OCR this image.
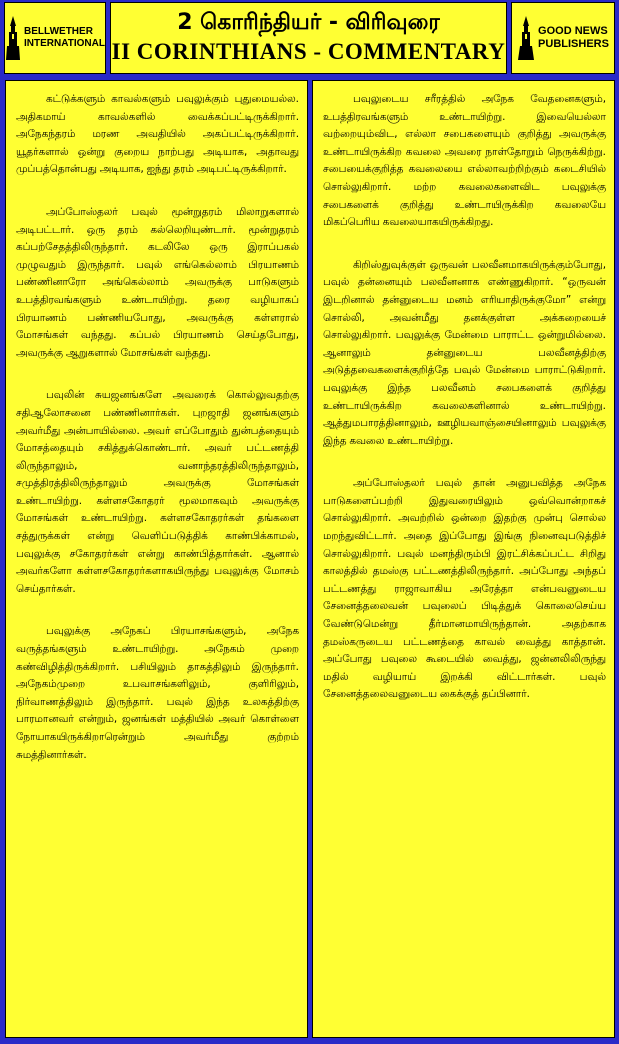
BELLWETHER
INTERNATIONAL
2 கொரிந்தியர் - விரிவுரை
II CORINTHIANS - COMMENTARY
GOOD NEWS
PUBLISHERS

கட்டுக்களும் காவல்களும் பவுலுக்கும் புதுமையல்ல. அதிகமாய் காவல்களில் வைக்கப்பட்டிருக்கிறார். அநேகந்தரம் மரண அவதியில் அகப்பட்டிருக்கிறார். யூதர்களால் ஒன்று குறைய நாற்பது அடியாக, அதாவது முப்பத்தொன்பது அடியாக, ஐந்து தரம் அடிபட்டிருக்கிறார்.

அப்போஸ்தலர் பவுல் மூன்றுதரம் மிலாறுகளால் அடிபட்டார். ஒரு தரம் கல்லெறியுண்டார். மூன்றுதரம் கப்பற்சேதத்திலிருந்தார். கடலிலே ஒரு இராப்பகல் முழுவதும் இருந்தார். பவுல் எங்கெல்லாம் பிரயாணம் பண்ணினாரோ அங்கெல்லாம் அவருக்கு பாடுகளும் உபத்திரவங்களும் உண்டாயிற்று. தரை வழியாகப் பிரயாணம் பண்ணியபோது, அவருக்கு கள்ளரால் மோசங்கள் வந்தது. கப்பல் பிரயாணம் செய்தபோது, அவருக்கு ஆறுகளால் மோசங்கள் வந்தது.

பவுலின் சுயஜனங்களே அவரைக் கொல்லுவதற்கு சதிஆலோசனை பண்ணினார்கள். புறஜாதி ஜனங்களும் அவர்மீது அன்பாயில்லை. அவர் எப்போதும் துன்பத்தையும் மோசத்தையும் சகித்துக்கொண்டார். அவர் பட்டணத்தி லிருந்தாலும், வனாந்தரத்திலிருந்தாலும், சமுத்திரத்திலிருந்தாலும் அவருக்கு மோசங்கள் உண்டாயிற்று. கள்ளசகோதரர் மூலமாகவும் அவருக்கு மோசங்கள் உண்டாயிற்று. கள்ளசகோதரர்கள் தங்களை சத்துருக்கள் என்று வெளிப்படுத்திக் காண்பிக்காமல், பவுலுக்கு சகோதரர்கள் என்று காண்பித்தார்கள். ஆனால் அவர்களோ கள்ளசகோதரர்களாகயிருந்து பவுலுக்கு மோசம் செய்தார்கள்.

பவுலுக்கு அநேகப் பிரயாசங்களும், அநேக வருத்தங்களும் உண்டாயிற்று. அநேகம் முறை கண்விழித்திருக்கிறார். பசியிலும் தாகத்திலும் இருந்தார். அநேகம்முறை உபவாசங்களிலும், குளிரிலும், நிர்வாணத்திலும் இருந்தார். பவுல் இந்த உலகத்திற்கு பாரமானவர் என்றும், ஜனங்கள் மத்தியில் அவர் கொள்ளை நோயாகயிருக்கிறாரென்றும் அவர்மீது குற்றம் சுமத்தினார்கள்.

பவுலுடைய சரீரத்தில் அநேக வேதனைகளும், உபத்திரவங்களும் உண்டாயிற்று. இவையெல்லா வற்றையும்விட, எல்லா சபைகளையும் குறித்து அவருக்கு உண்டாயிருக்கிற கவலை அவரை நாள்தோறும் நெருக்கிற்று. சபையைக்குறித்த கவலையை எல்லாவற்றிற்கும் கடைசியில் சொல்லுகிறார். மற்ற கவலைகளைவிட பவுலுக்கு சபைகளைக் குறித்து உண்டாயிருக்கிற கவலையே மிகப்பெரிய கவலையாகயிருக்கிறது.

கிறிஸ்துவுக்குள் ஒருவன் பலவீனமாகயிருக்கும்போது, பவுல் தன்னையும் பலவீனனாக எண்ணுகிறார். “ஒருவன் இடறினால் தன்னுடைய மனம் எரியாதிருக்குமோ” என்று சொல்லி, அவன்மீது தனக்குள்ள அக்கறையைச் சொல்லுகிறார். பவுலுக்கு மேன்மை பாராட்ட ஒன்றுமில்லை. ஆனாலும் தன்னுடைய பலவீனத்திற்கு அடுத்தவைகளைக்குறித்தே பவுல் மேன்மை பாராட்டுகிறார். பவுலுக்கு இந்த பலவீனம் சபைகளைக் குறித்து உண்டாயிருக்கிற கவலைகளினால் உண்டாயிற்று. ஆத்துமபாரத்தினாலும், ஊழியவாஞ்சையினாலும் பவுலுக்கு இந்த கவலை உண்டாயிற்று.

அப்போஸ்தலர் பவுல் தான் அனுபவித்த அநேக பாடுகளைப்பற்றி இதுவரையிலும் ஒவ்வொன்றாகச் சொல்லுகிறார். அவற்றில் ஒன்றை இதற்கு முன்பு சொல்ல மறந்துவிட்டார். அதை இப்போது இங்கு நினைவுபடுத்திச் சொல்லுகிறார். பவுல் மனந்திரும்பி இரட்சிக்கப்பட்ட சிறிது காலத்தில் தமஸ்கு பட்டணத்திலிருந்தார். அப்போது அந்தப் பட்டணத்து ராஜாவாகிய அரேத்தா என்பவனுடைய சேனைத்தலைவன் பவுலைப் பிடித்துக் கொலைசெய்ய வேண்டுமென்று தீர்மானமாயிருந்தான். அதற்காக தமஸ்கருடைய பட்டணத்தை காவல் வைத்து காத்தான். அப்போது பவுலை கூடையில் வைத்து, ஜன்னலிலிருந்து மதில் வழியாய் இறக்கி விட்டார்கள். பவுல் சேனைத்தலைவனுடைய கைக்குத் தப்பினார்.
